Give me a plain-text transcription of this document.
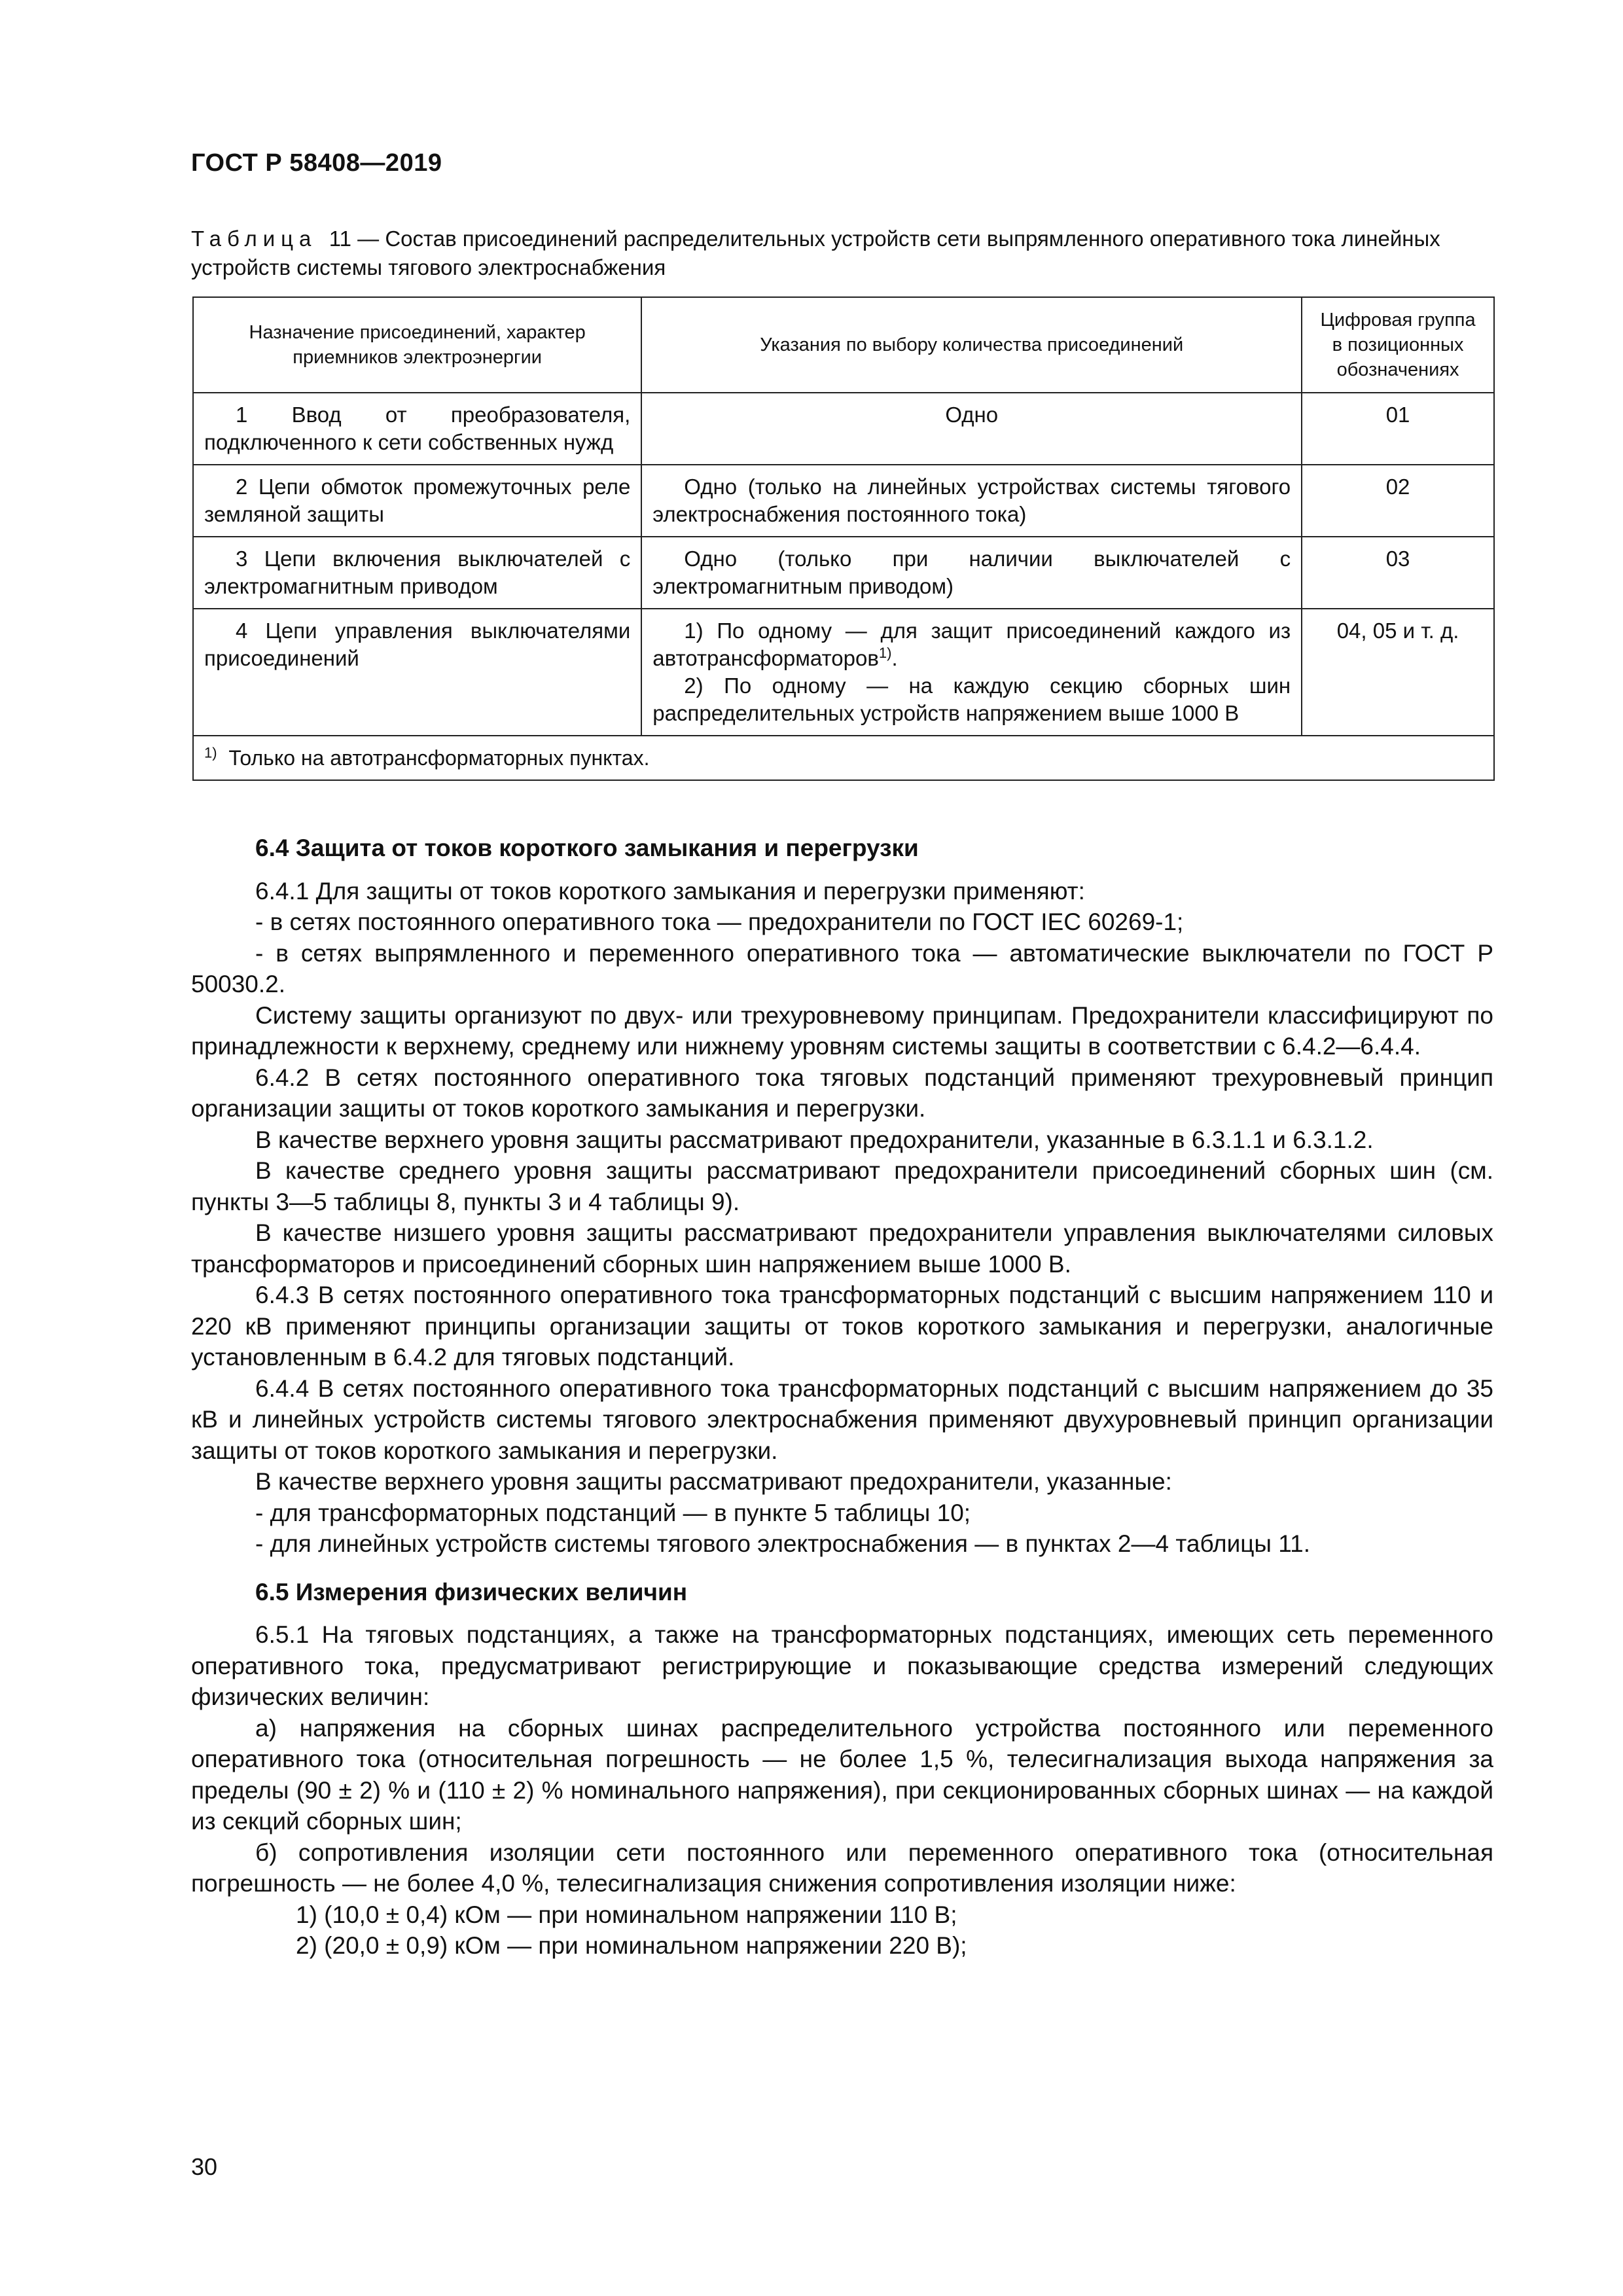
ГОСТ Р 58408—2019
Таблица 11 — Состав присоединений распределительных устройств сети выпрямленного оперативного тока линейных устройств системы тягового электроснабжения
Назначение присоединений, характер приемников электроэнергии	Указания по выбору количества присоединений	Цифровая группа в позиционных обозначениях

1 Ввод от преобразователя, подключенного к сети собственных нужд	Одно	01

2 Цепи обмоток промежуточных реле земляной защиты	Одно (только на линейных устройствах системы тягового электроснабжения постоянного тока)	02

3 Цепи включения выключателей с электромагнитным приводом	Одно (только при наличии выключателей с электромагнитным приводом)	03

4 Цепи управления выключателями присоединений	1) По одному — для защит присоединений каждого из автотрансформаторов$^{1)}$.
2) По одному — на каждую секцию сборных шин распределительных устройств напряжением выше 1000 В	04, 05 и т. д.
$^{1)}$ Только на автотрансформаторных пунктах.		
6.4 Защита от токов короткого замыкания и перегрузки

6.4.1 Для защиты от токов короткого замыкания и перегрузки применяют:

- в сетях постоянного оперативного тока — предохранители по ГОСТ IEC 60269-1;

- в сетях выпрямленного и переменного оперативного тока — автоматические выключатели по ГОСТ Р 50030.2.

Систему защиты организуют по двух- или трехуровневому принципам. Предохранители классифицируют по принадлежности к верхнему, среднему или нижнему уровням системы защиты в соответствии с 6.4.2—6.4.4.

6.4.2 В сетях постоянного оперативного тока тяговых подстанций применяют трехуровневый принцип организации защиты от токов короткого замыкания и перегрузки.

В качестве верхнего уровня защиты рассматривают предохранители, указанные в 6.3.1.1 и 6.3.1.2.

В качестве среднего уровня защиты рассматривают предохранители присоединений сборных шин (см. пункты 3—5 таблицы 8, пункты 3 и 4 таблицы 9).

В качестве низшего уровня защиты рассматривают предохранители управления выключателями силовых трансформаторов и присоединений сборных шин напряжением выше 1000 В.

6.4.3 В сетях постоянного оперативного тока трансформаторных подстанций с высшим напряжением 110 и 220 кВ применяют принципы организации защиты от токов короткого замыкания и перегрузки, аналогичные установленным в 6.4.2 для тяговых подстанций.

6.4.4 В сетях постоянного оперативного тока трансформаторных подстанций с высшим напряжением до 35 кВ и линейных устройств системы тягового электроснабжения применяют двухуровневый принцип организации защиты от токов короткого замыкания и перегрузки.

В качестве верхнего уровня защиты рассматривают предохранители, указанные:

- для трансформаторных подстанций — в пункте 5 таблицы 10;

- для линейных устройств системы тягового электроснабжения — в пунктах 2—4 таблицы 11.

6.5 Измерения физических величин

6.5.1 На тяговых подстанциях, а также на трансформаторных подстанциях, имеющих сеть переменного оперативного тока, предусматривают регистрирующие и показывающие средства измерений следующих физических величин:

а) напряжения на сборных шинах распределительного устройства постоянного или переменного оперативного тока (относительная погрешность — не более 1,5 %, телесигнализация выхода напряжения за пределы (90 ± 2) % и (110 ± 2) % номинального напряжения), при секционированных сборных шинах — на каждой из секций сборных шин;

б) сопротивления изоляции сети постоянного или переменного оперативного тока (относительная погрешность — не более 4,0 %, телесигнализация снижения сопротивления изоляции ниже:

1) (10,0 ± 0,4) кОм — при номинальном напряжении 110 В;

2) (20,0 ± 0,9) кОм — при номинальном напряжении 220 В);

30
